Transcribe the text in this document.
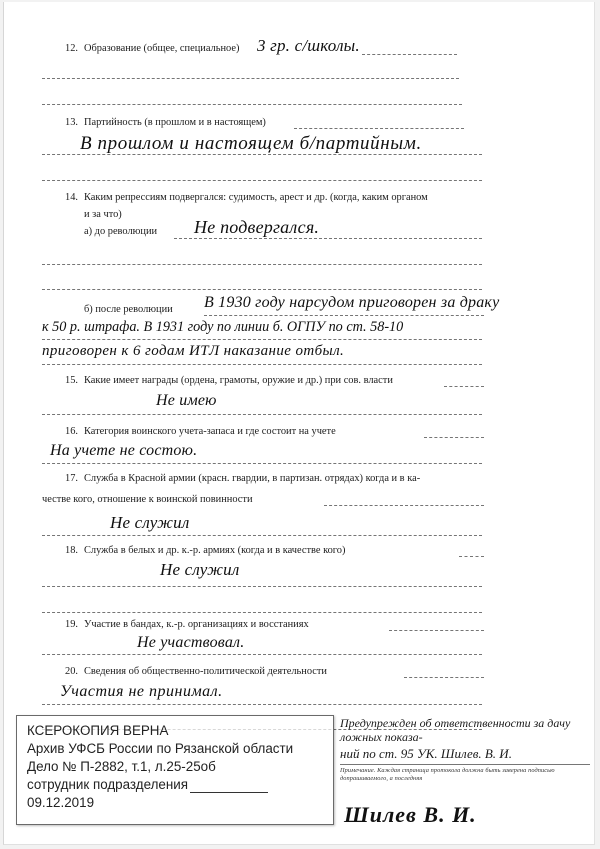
12. Образование (общее, специальное) 3 гр. с/школы.
13. Партийность (в прошлом и в настоящем)
В прошлом и настоящем б/партийным.
14. Каким репрессиям подвергался: судимость, арест и др. (когда, каким органом
и за что)
а) до революции Не подвергался.
б) после революции В 1930 году нарсудом приговорен за драку
к 50 р. штрафа. В 1931 году по линии б. ОГПУ по ст. 58-10
приговорен к 6 годам ИТЛ наказание отбыл.
15. Какие имеет награды (ордена, грамоты, оружие и др.) при сов. власти
Не имею
16. Категория воинского учета-запаса и где состоит на учете
На учете не состою.
17. Служба в Красной армии (красн. гвардии, в партизан. отрядах) когда и в ка-
честве кого, отношение к воинской повинности
Не служил
18. Служба в белых и др. к.-р. армиях (когда и в качестве кого)
Не служил
19. Участие в бандах, к.-р. организациях и восстаниях
Не участвовал.
20. Сведения об общественно-политической деятельности
Участия не принимал.
Предупрежден об ответственности за дачу ложных показа-
ний по ст. 95 УК. Шилев. В. И.
Примечание. Каждая страница протокола должна быть заверена подписью допрашиваемого, а последняя
Шилев В. И.
КСЕРОКОПИЯ ВЕРНА
Архив УФСБ России по Рязанской области
Дело № П-2882, т.1, л.25-25об
сотрудник подразделения
09.12.2019
